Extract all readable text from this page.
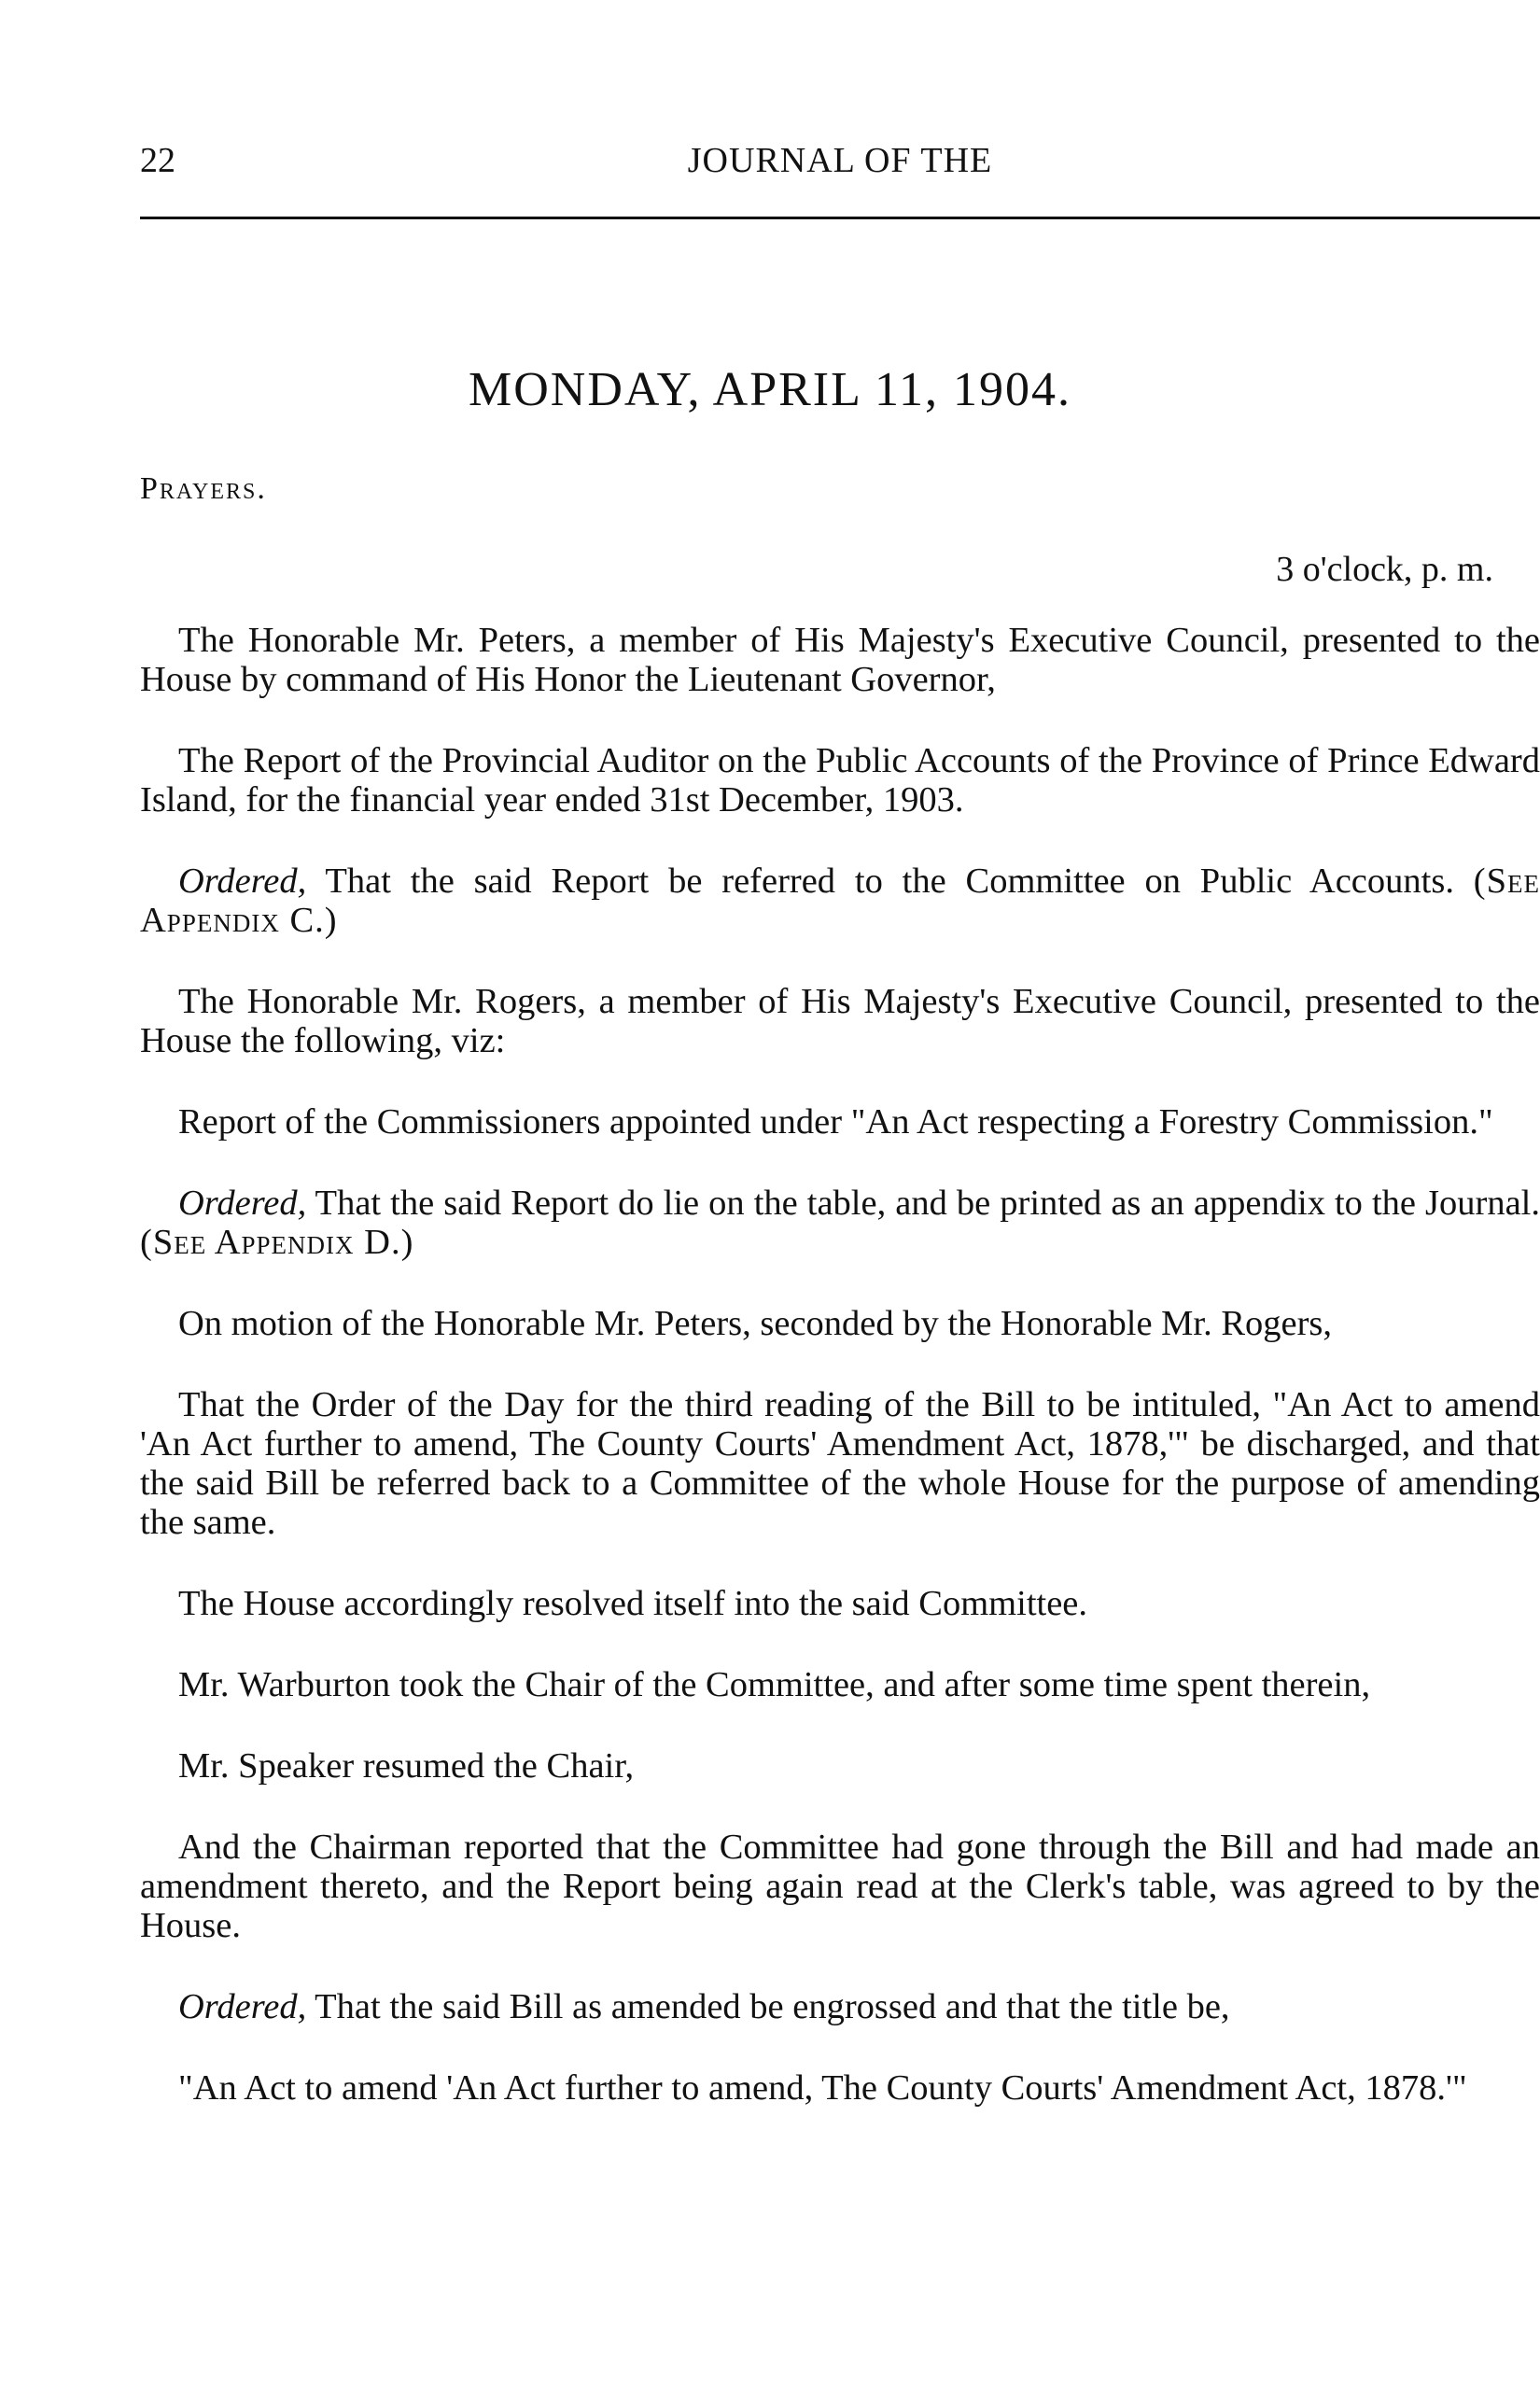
22	JOURNAL OF THE
MONDAY, APRIL 11, 1904.
Prayers.
3 o'clock, p. m.

The Honorable Mr. Peters, a member of His Majesty's Executive Council, presented to the House by command of His Honor the Lieutenant Governor,

The Report of the Provincial Auditor on the Public Accounts of the Province of Prince Edward Island, for the financial year ended 31st December, 1903.

Ordered, That the said Report be referred to the Committee on Public Accounts. (See Appendix C.)

The Honorable Mr. Rogers, a member of His Majesty's Executive Council, presented to the House the following, viz:

Report of the Commissioners appointed under "An Act respecting a Forestry Commission."

Ordered, That the said Report do lie on the table, and be printed as an appendix to the Journal. (See Appendix D.)

On motion of the Honorable Mr. Peters, seconded by the Honorable Mr. Rogers,

That the Order of the Day for the third reading of the Bill to be intituled, "An Act to amend 'An Act further to amend, The County Courts' Amendment Act, 1878,'" be discharged, and that the said Bill be referred back to a Committee of the whole House for the purpose of amending the same.

The House accordingly resolved itself into the said Committee.

Mr. Warburton took the Chair of the Committee, and after some time spent therein,

Mr. Speaker resumed the Chair,

And the Chairman reported that the Committee had gone through the Bill and had made an amendment thereto, and the Report being again read at the Clerk's table, was agreed to by the House.

Ordered, That the said Bill as amended be engrossed and that the title be,

"An Act to amend 'An Act further to amend, The County Courts' Amendment Act, 1878.'"
